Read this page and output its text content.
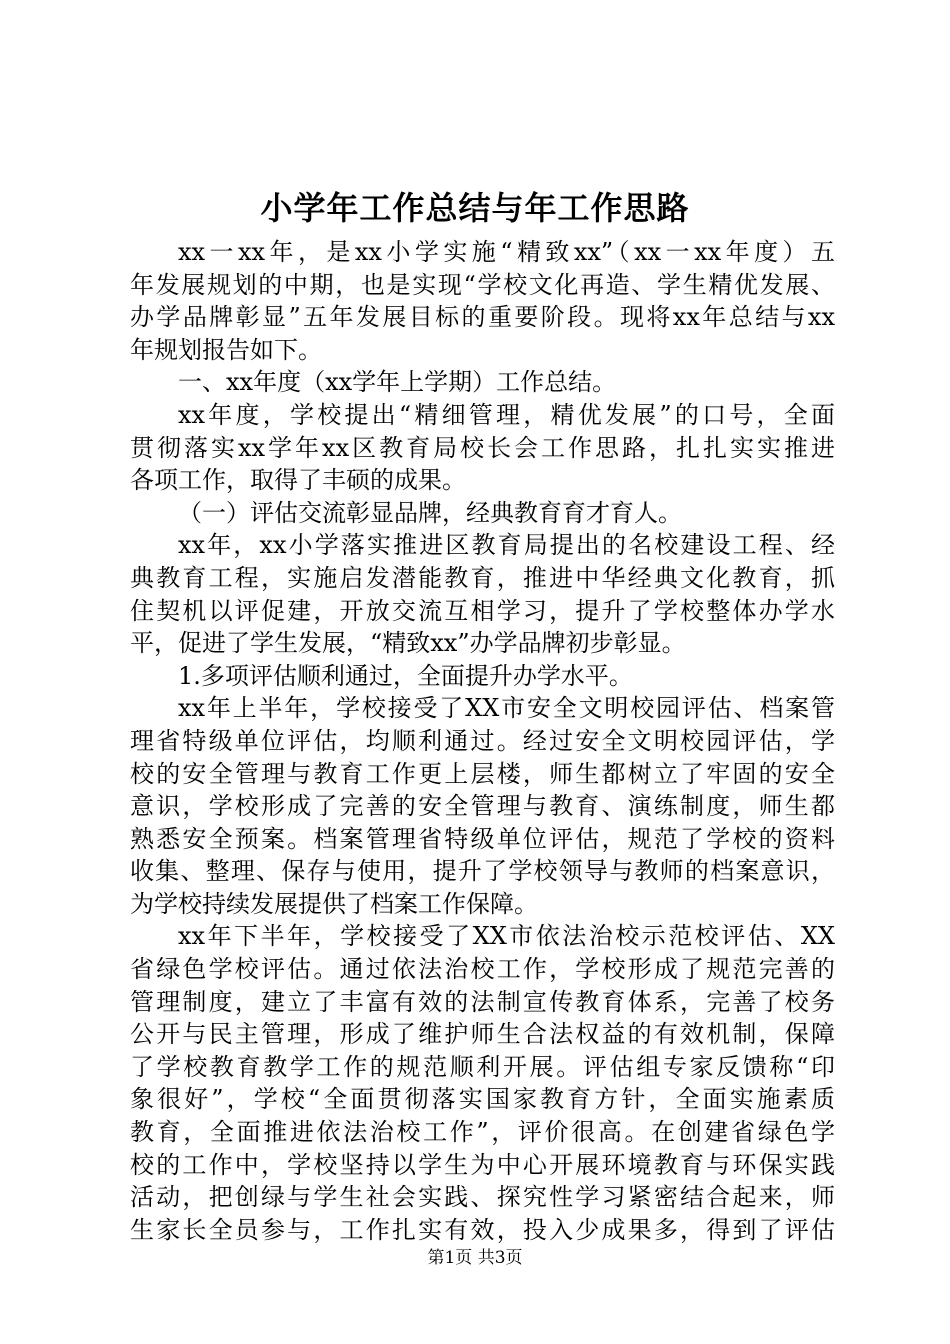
小学年工作总结与年工作思路
xx一xx年，是xx小学实施“精致xx”（xx一xx年度）五
年发展规划的中期，也是实现“学校文化再造、学生精优发展、
办学品牌彰显”五年发展目标的重要阶段。现将xx年总结与xx
年规划报告如下。
一、xx年度（xx学年上学期）工作总结。
xx年度，学校提出“精细管理，精优发展”的口号，全面
贯彻落实xx学年xx区教育局校长会工作思路，扎扎实实推进
各项工作，取得了丰硕的成果。
（一）评估交流彰显品牌，经典教育育才育人。
xx年，xx小学落实推进区教育局提出的名校建设工程、经
典教育工程，实施启发潜能教育，推进中华经典文化教育，抓
住契机以评促建，开放交流互相学习，提升了学校整体办学水
平，促进了学生发展，“精致xx”办学品牌初步彰显。
1.多项评估顺利通过，全面提升办学水平。
xx年上半年，学校接受了XX市安全文明校园评估、档案管
理省特级单位评估，均顺利通过。经过安全文明校园评估，学
校的安全管理与教育工作更上层楼，师生都树立了牢固的安全
意识，学校形成了完善的安全管理与教育、演练制度，师生都
熟悉安全预案。档案管理省特级单位评估，规范了学校的资料
收集、整理、保存与使用，提升了学校领导与教师的档案意识，
为学校持续发展提供了档案工作保障。
xx年下半年，学校接受了XX市依法治校示范校评估、XX
省绿色学校评估。通过依法治校工作，学校形成了规范完善的
管理制度，建立了丰富有效的法制宣传教育体系，完善了校务
公开与民主管理，形成了维护师生合法权益的有效机制，保障
了学校教育教学工作的规范顺利开展。评估组专家反馈称“印
象很好”，学校“全面贯彻落实国家教育方针，全面实施素质
教育，全面推进依法治校工作”，评价很高。在创建省绿色学
校的工作中，学校坚持以学生为中心开展环境教育与环保实践
活动，把创绿与学生社会实践、探究性学习紧密结合起来，师
生家长全员参与，工作扎实有效，投入少成果多，得到了评估
第1页 共3页
